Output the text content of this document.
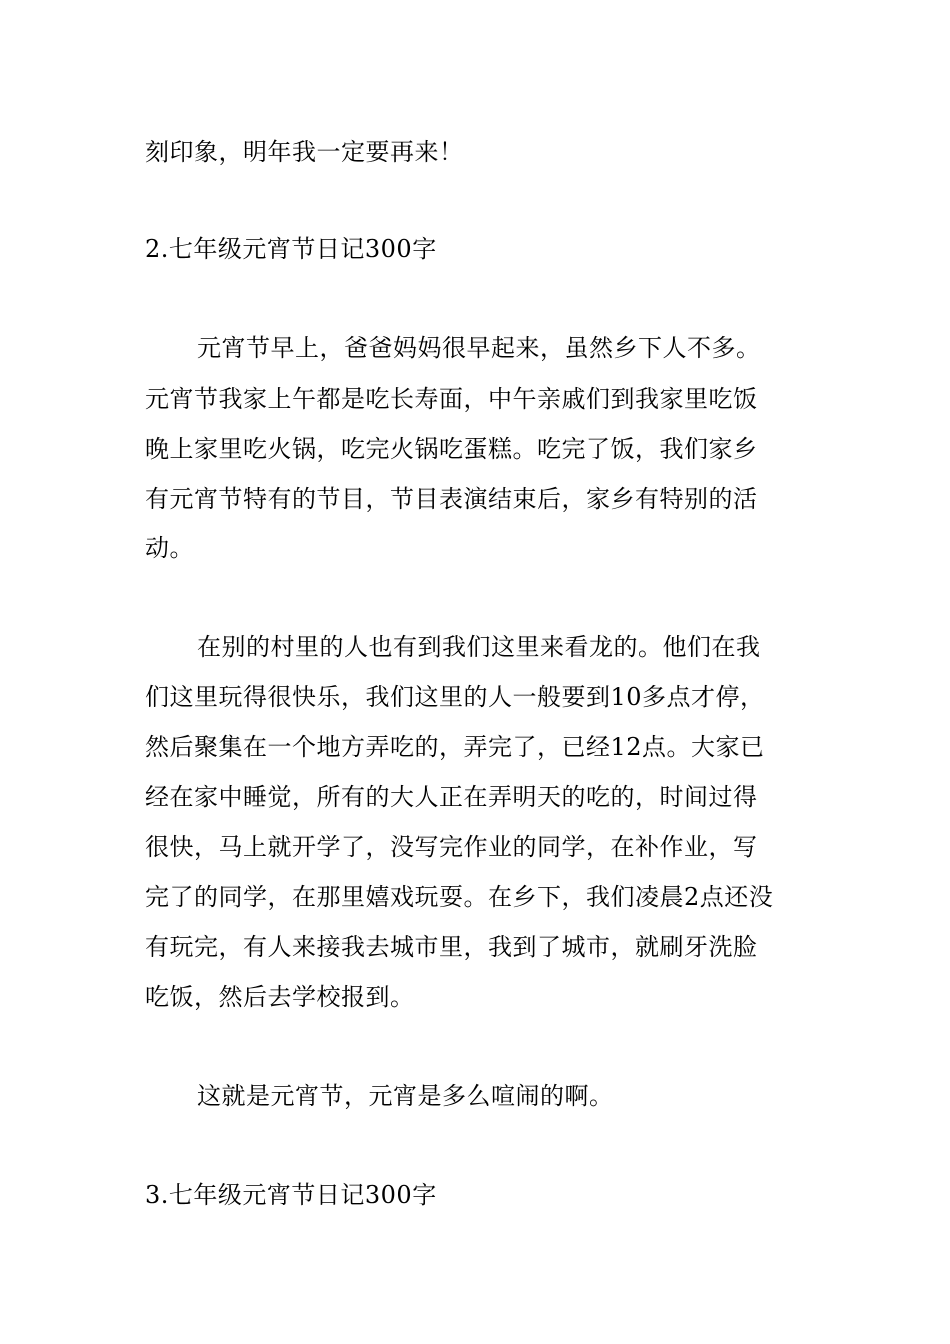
刻印象，明年我一定要再来！
2.七年级元宵节日记300字
元宵节早上，爸爸妈妈很早起来，虽然乡下人不多。
元宵节我家上午都是吃长寿面，中午亲戚们到我家里吃饭
晚上家里吃火锅，吃完火锅吃蛋糕。吃完了饭，我们家乡
有元宵节特有的节目，节目表演结束后，家乡有特别的活
动。
在别的村里的人也有到我们这里来看龙的。他们在我
们这里玩得很快乐，我们这里的人一般要到10多点才停，
然后聚集在一个地方弄吃的，弄完了，已经12点。大家已
经在家中睡觉，所有的大人正在弄明天的吃的，时间过得
很快，马上就开学了，没写完作业的同学，在补作业，写
完了的同学，在那里嬉戏玩耍。在乡下，我们凌晨2点还没
有玩完，有人来接我去城市里，我到了城市，就刷牙洗脸
吃饭，然后去学校报到。
这就是元宵节，元宵是多么喧闹的啊。
3.七年级元宵节日记300字
